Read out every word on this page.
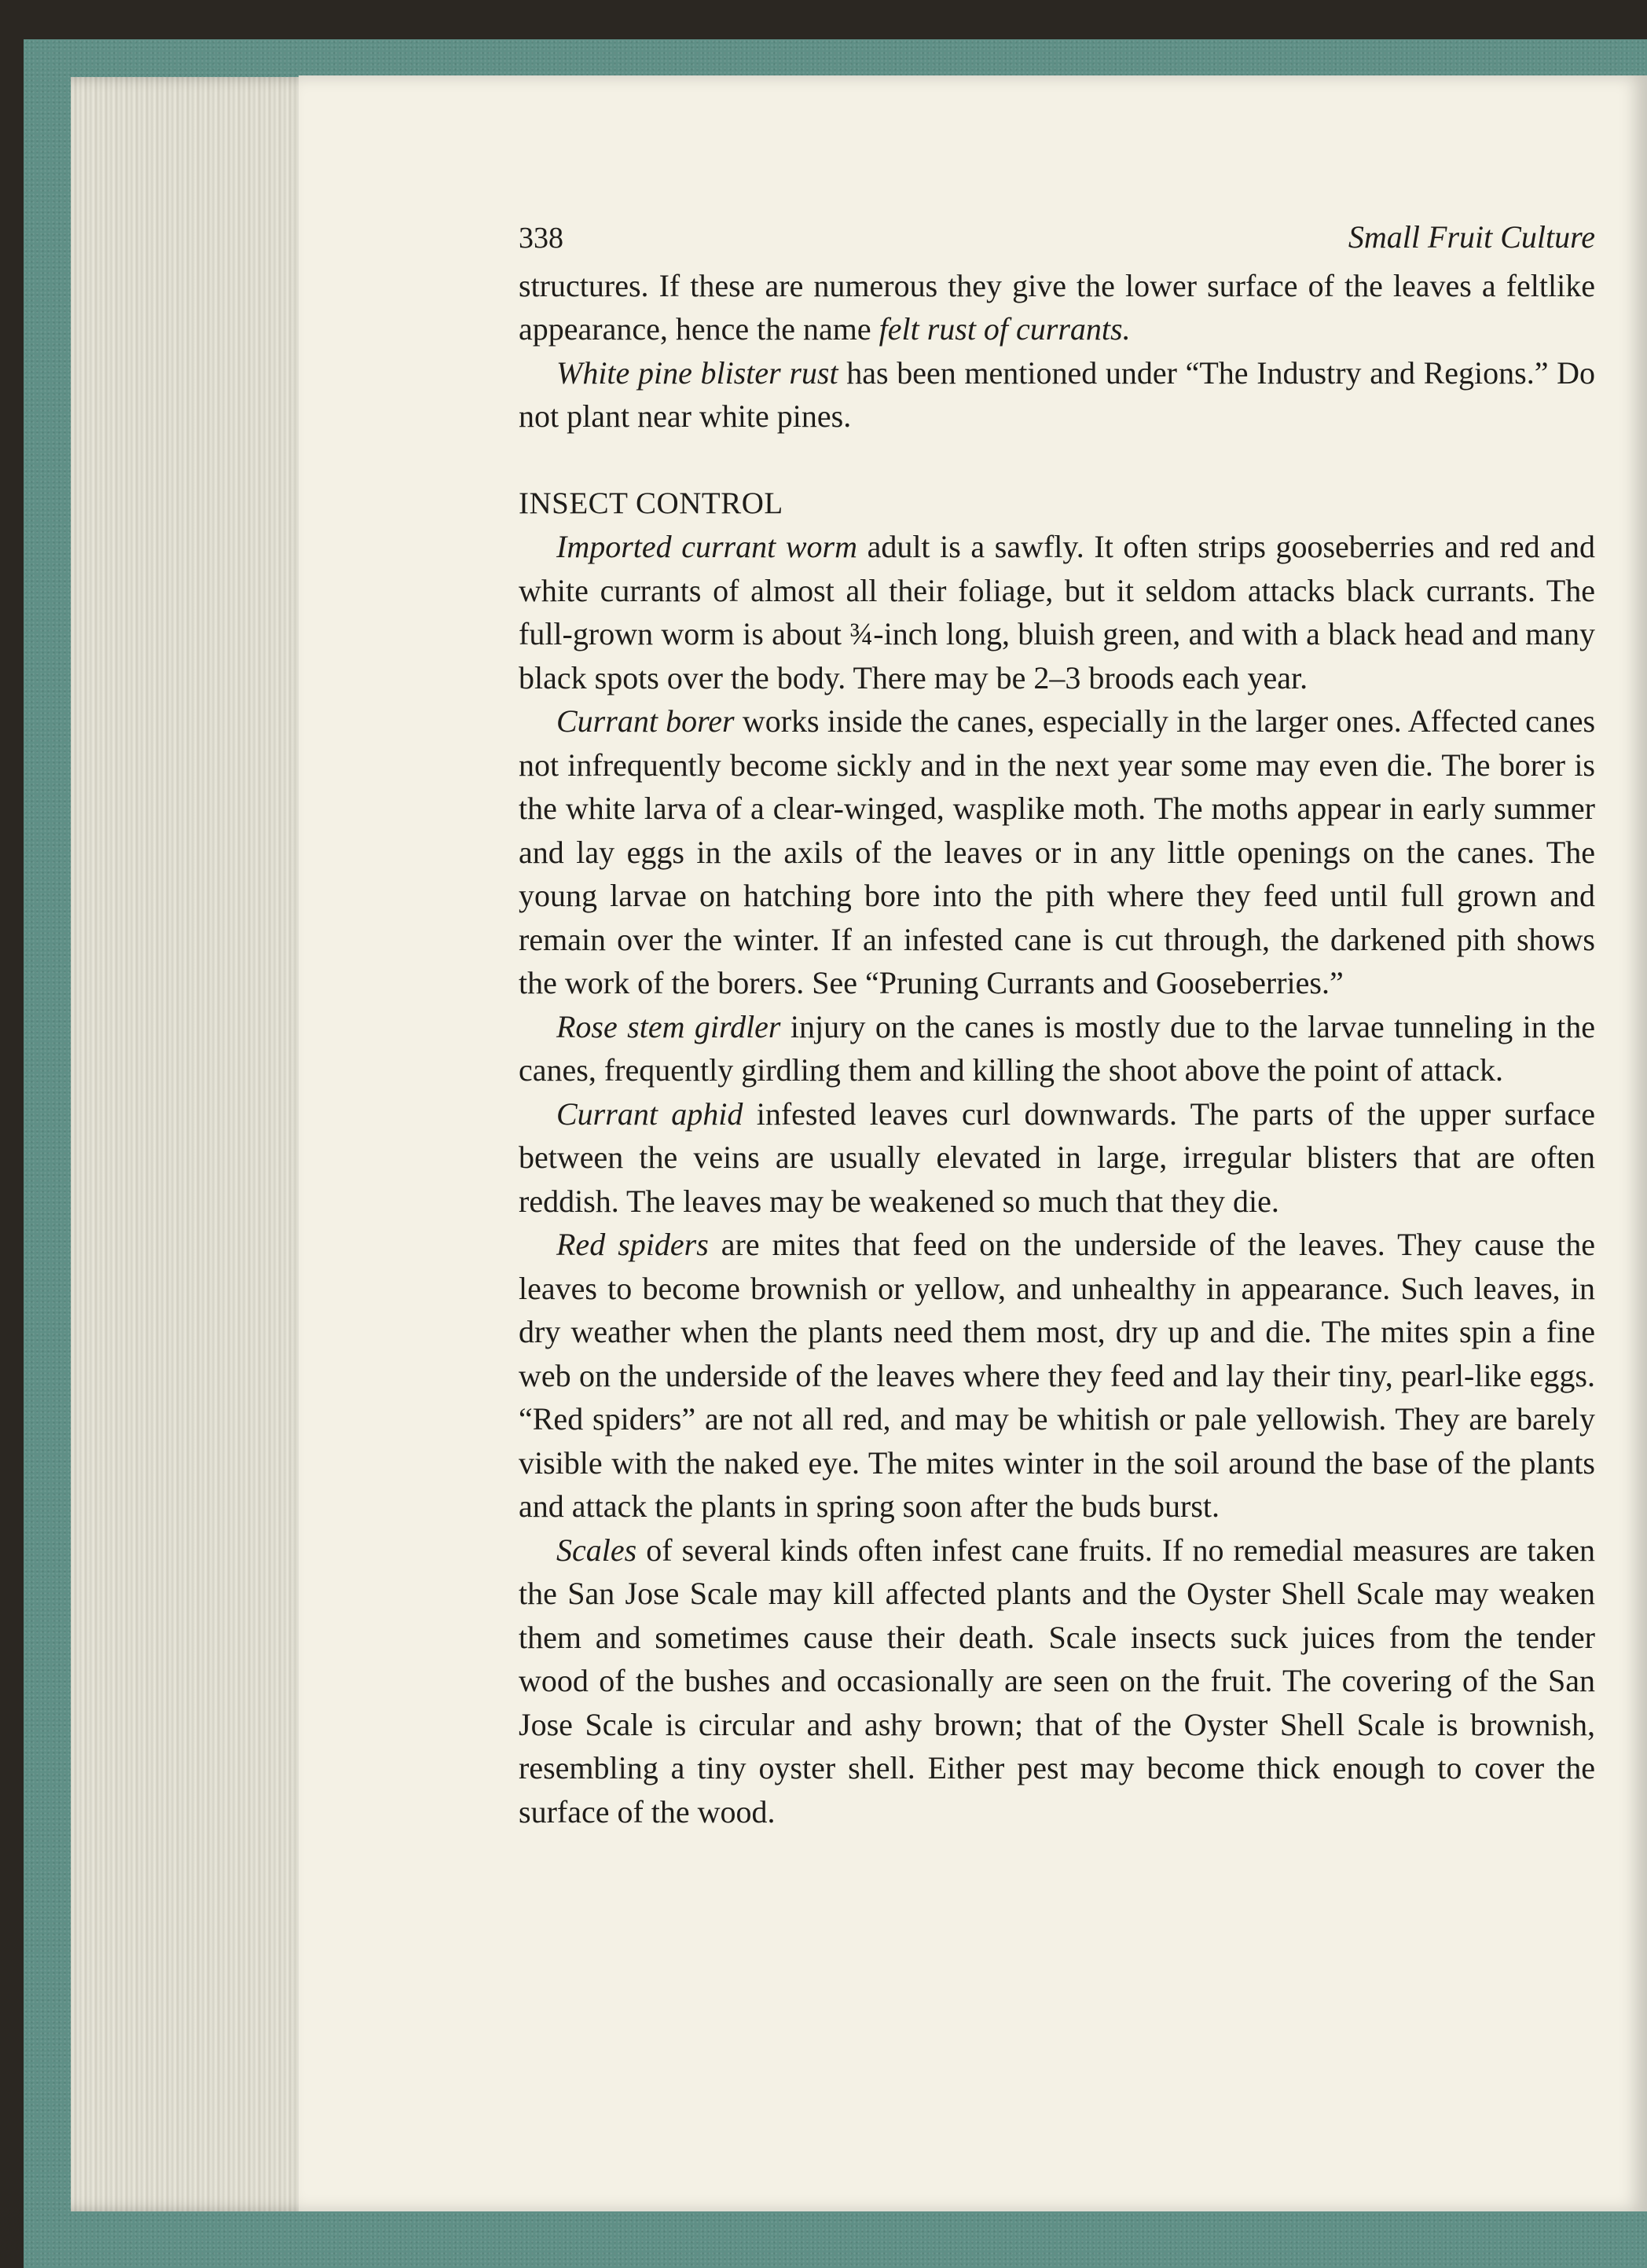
338	Small Fruit Culture

structures. If these are numerous they give the lower surface of the leaves a feltlike appearance, hence the name felt rust of currants.

White pine blister rust has been mentioned under “The Industry and Regions.” Do not plant near white pines.

INSECT CONTROL

Imported currant worm adult is a sawfly. It often strips gooseberries and red and white currants of almost all their foliage, but it seldom attacks black currants. The full-grown worm is about ¾-inch long, bluish green, and with a black head and many black spots over the body. There may be 2–3 broods each year.

Currant borer works inside the canes, especially in the larger ones. Affected canes not infrequently become sickly and in the next year some may even die. The borer is the white larva of a clear-winged, wasplike moth. The moths appear in early summer and lay eggs in the axils of the leaves or in any little openings on the canes. The young larvae on hatching bore into the pith where they feed until full grown and remain over the winter. If an infested cane is cut through, the darkened pith shows the work of the borers. See “Pruning Currants and Gooseberries.”

Rose stem girdler injury on the canes is mostly due to the larvae tunneling in the canes, frequently girdling them and killing the shoot above the point of attack.

Currant aphid infested leaves curl downwards. The parts of the upper surface between the veins are usually elevated in large, irregular blisters that are often reddish. The leaves may be weakened so much that they die.

Red spiders are mites that feed on the underside of the leaves. They cause the leaves to become brownish or yellow, and unhealthy in appearance. Such leaves, in dry weather when the plants need them most, dry up and die. The mites spin a fine web on the underside of the leaves where they feed and lay their tiny, pearl-like eggs. “Red spiders” are not all red, and may be whitish or pale yellowish. They are barely visible with the naked eye. The mites winter in the soil around the base of the plants and attack the plants in spring soon after the buds burst.

Scales of several kinds often infest cane fruits. If no remedial measures are taken the San Jose Scale may kill affected plants and the Oyster Shell Scale may weaken them and sometimes cause their death. Scale insects suck juices from the tender wood of the bushes and occasionally are seen on the fruit. The covering of the San Jose Scale is circular and ashy brown; that of the Oyster Shell Scale is brownish, resembling a tiny oyster shell. Either pest may become thick enough to cover the surface of the wood.
